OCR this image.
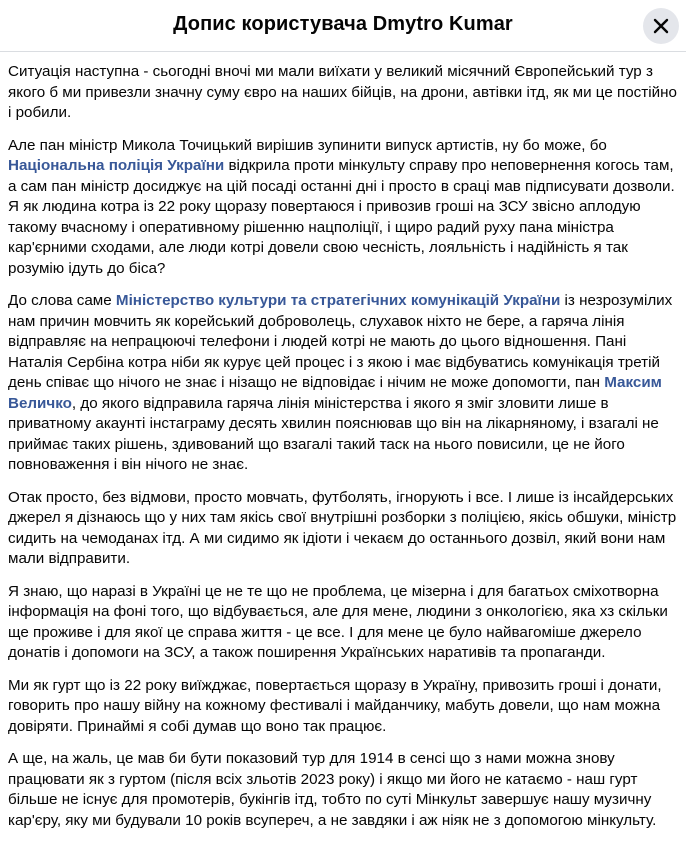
Допис користувача Dmytro Kumar

Ситуація наступна - сьогодні вночі ми мали виїхати у великий місячний Європейський тур з якого б ми привезли значну суму євро на наших бійців, на дрони, автівки ітд, як ми це постійно і робили.

Але пан міністр Микола Точицький вирішив зупинити випуск артистів, ну бо може, бо Національна поліція України відкрила проти мінкульту справу про неповернення когось там, а сам пан міністр досиджує на цій посаді останні дні і просто в сраці мав підписувати дозволи. Я як людина котра із 22 року щоразу повертаюся і привозив гроші на ЗСУ звісно аплодую такому вчасному і оперативному рішенню нацполіції, і щиро радий руху пана міністра кар'єрними сходами, але люди котрі довели свою чесність, лояльність і надійність я так розумію ідуть до біса?

До слова саме Міністерство культури та стратегічних комунікацій України із незрозумілих нам причин мовчить як корейський доброволець, слухавок ніхто не бере, а гаряча лінія відправляє на непрацюючі телефони і людей котрі не мають до цього відношення. Пані Наталія Сербіна котра ніби як курує цей процес і з якою і має відбуватись комунікація третій день співає що нічого не знає і нізащо не відповідає і нічим не може допомогти, пан Максим Величко, до якого відправила гаряча лінія міністерства і якого я зміг зловити лише в приватному акаунті інстаграму десять хвилин пояснював що він на лікарняному, і взагалі не приймає таких рішень, здивований що взагалі такий таск на нього повисили, це не його повноваження і він нічого не знає.

Отак просто, без відмови, просто мовчать, футболять, ігнорують і все. І лише із інсайдерських джерел я дізнаюсь що у них там якісь свої внутрішні розборки з поліцією, якісь обшуки, міністр сидить на чемоданах ітд. А ми сидимо як ідіоти і чекаєм до останнього дозвіл, який вони нам мали відправити.

Я знаю, що наразі в Україні це не те що не проблема, це мізерна і для багатьох сміхотворна інформація на фоні того, що відбувається, але для мене, людини з онкологією, яка хз скільки ще проживе і для якої це справа життя - це все. І для мене це було найвагоміше джерело донатів і допомоги на ЗСУ, а також поширення Українських наративів та пропаганди.

Ми як гурт що із 22 року виїжджає, повертається щоразу в Україну, привозить гроші і донати, говорить про нашу війну на кожному фестивалі і майданчику, мабуть довели, що нам можна довіряти. Принаймі я собі думав що воно так працює.

А ще, на жаль, це мав би бути показовий тур для 1914 в сенсі що з нами можна знову працювати як з гуртом (після всіх зльотів 2023 року) і якщо ми його не катаємо - наш гурт більше не існує для промотерів, букінгів ітд, тобто по суті Мінкульт завершує нашу музичну кар'єру, яку ми будували 10 років всупереч, а не завдяки і аж ніяк не з допомогою мінкульту.
